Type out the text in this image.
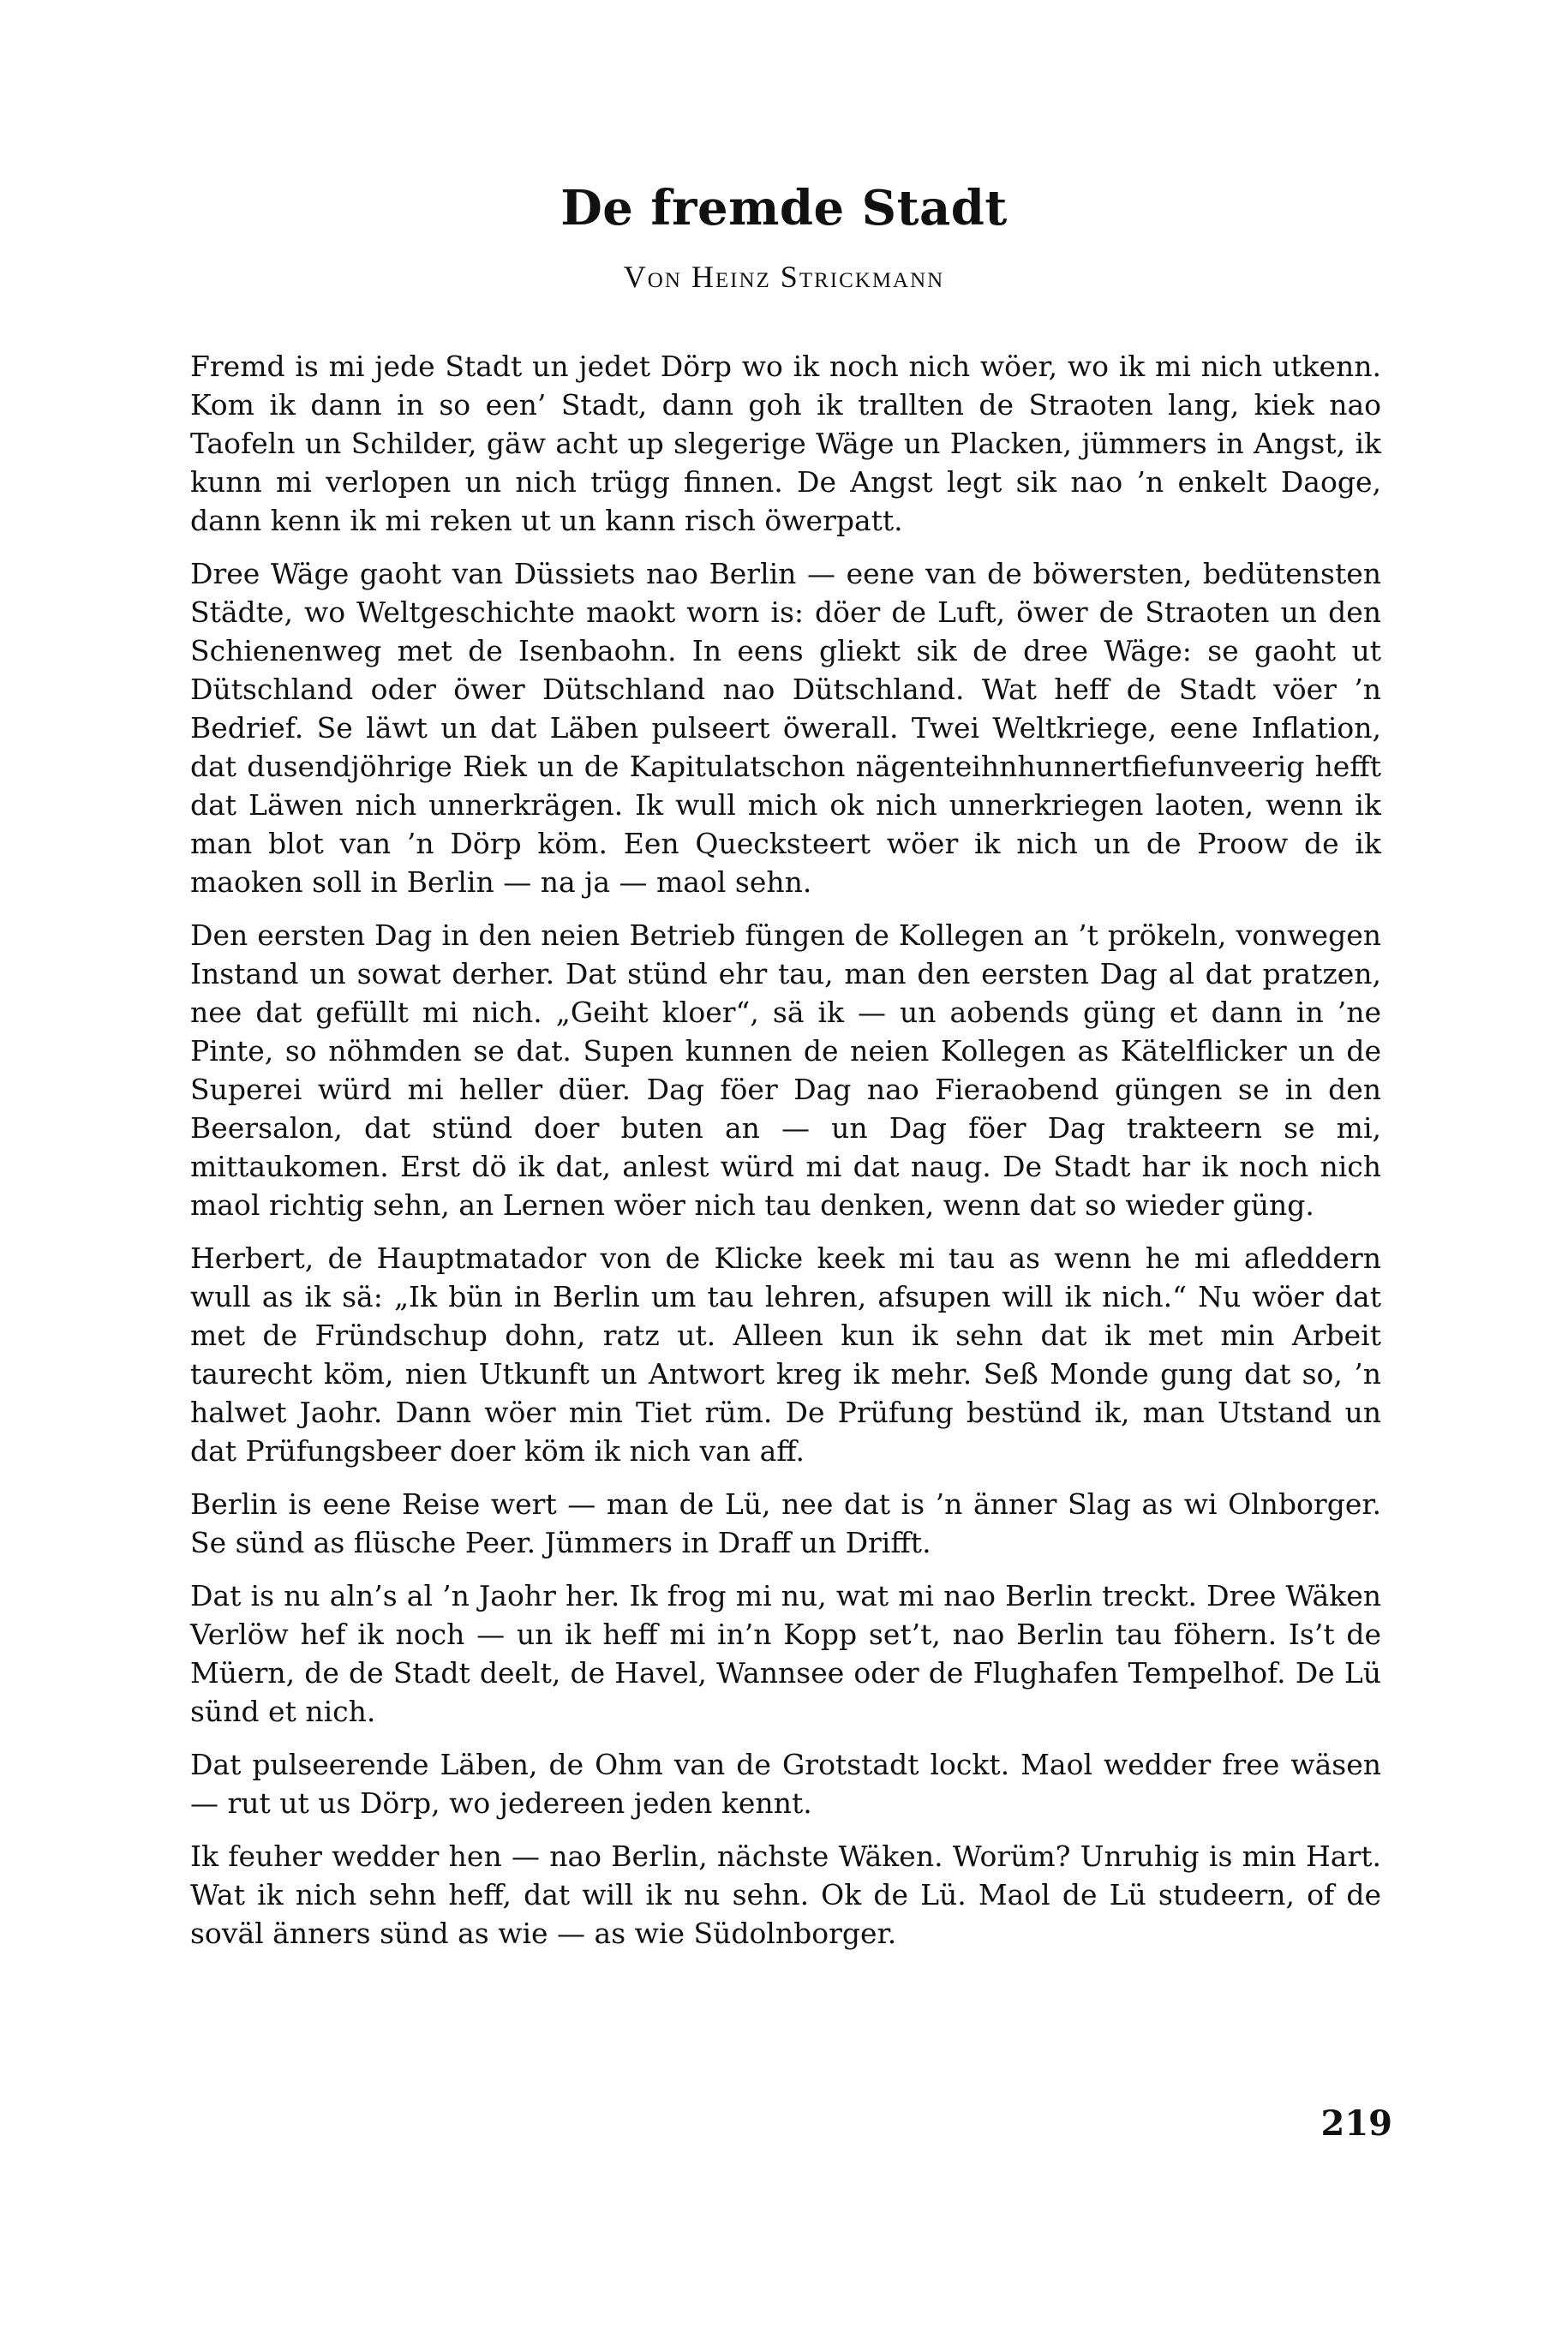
De fremde Stadt
Von Heinz Strickmann

Fremd is mi jede Stadt un jedet Dörp wo ik noch nich wöer, wo ik mi nich utkenn. Kom ik dann in so een’ Stadt, dann goh ik trallten de Straoten lang, kiek nao Taofeln un Schilder, gäw acht up slegerige Wäge un Placken, jümmers in Angst, ik kunn mi verlopen un nich trügg finnen. De Angst legt sik nao ’n enkelt Daoge, dann kenn ik mi reken ut un kann risch öwerpatt.

Dree Wäge gaoht van Düssiets nao Berlin — eene van de böwersten, bedütensten Städte, wo Weltgeschichte maokt worn is: döer de Luft, öwer de Straoten un den Schienenweg met de Isenbaohn. In eens gliekt sik de dree Wäge: se gaoht ut Dütschland oder öwer Dütschland nao Dütschland. Wat heff de Stadt vöer ’n Bedrief. Se läwt un dat Läben pulseert öwerall. Twei Weltkriege, eene Inflation, dat dusendjöhrige Riek un de Kapitulatschon nägenteihnhunnertfiefunveerig hefft dat Läwen nich unnerkrägen. Ik wull mich ok nich unnerkriegen laoten, wenn ik man blot van ’n Dörp köm. Een Quecksteert wöer ik nich un de Proow de ik maoken soll in Berlin — na ja — maol sehn.

Den eersten Dag in den neien Betrieb füngen de Kollegen an ’t prökeln, vonwegen Instand un sowat derher. Dat stünd ehr tau, man den eersten Dag al dat pratzen, nee dat gefüllt mi nich. „Geiht kloer“, sä ik — un aobends güng et dann in ’ne Pinte, so nöhmden se dat. Supen kunnen de neien Kollegen as Kätelflicker un de Superei würd mi heller düer. Dag föer Dag nao Fieraobend güngen se in den Beersalon, dat stünd doer buten an — un Dag föer Dag trakteern se mi, mittaukomen. Erst dö ik dat, anlest würd mi dat naug. De Stadt har ik noch nich maol richtig sehn, an Lernen wöer nich tau denken, wenn dat so wieder güng.

Herbert, de Hauptmatador von de Klicke keek mi tau as wenn he mi afleddern wull as ik sä: „Ik bün in Berlin um tau lehren, afsupen will ik nich.“ Nu wöer dat met de Fründschup dohn, ratz ut. Alleen kun ik sehn dat ik met min Arbeit taurecht köm, nien Utkunft un Antwort kreg ik mehr. Seß Monde gung dat so, ’n halwet Jaohr. Dann wöer min Tiet rüm. De Prüfung bestünd ik, man Utstand un dat Prüfungsbeer doer köm ik nich van aff.

Berlin is eene Reise wert — man de Lü, nee dat is ’n änner Slag as wi Olnborger. Se sünd as flüsche Peer. Jümmers in Draff un Drifft.

Dat is nu aln’s al ’n Jaohr her. Ik frog mi nu, wat mi nao Berlin treckt. Dree Wäken Verlöw hef ik noch — un ik heff mi in’n Kopp set’t, nao Berlin tau föhern. Is’t de Müern, de de Stadt deelt, de Havel, Wannsee oder de Flughafen Tempelhof. De Lü sünd et nich.

Dat pulseerende Läben, de Ohm van de Grotstadt lockt. Maol wedder free wäsen — rut ut us Dörp, wo jedereen jeden kennt.

Ik feuher wedder hen — nao Berlin, nächste Wäken. Worüm? Unruhig is min Hart. Wat ik nich sehn heff, dat will ik nu sehn. Ok de Lü. Maol de Lü studeern, of de soväl änners sünd as wie — as wie Südolnborger.

219
